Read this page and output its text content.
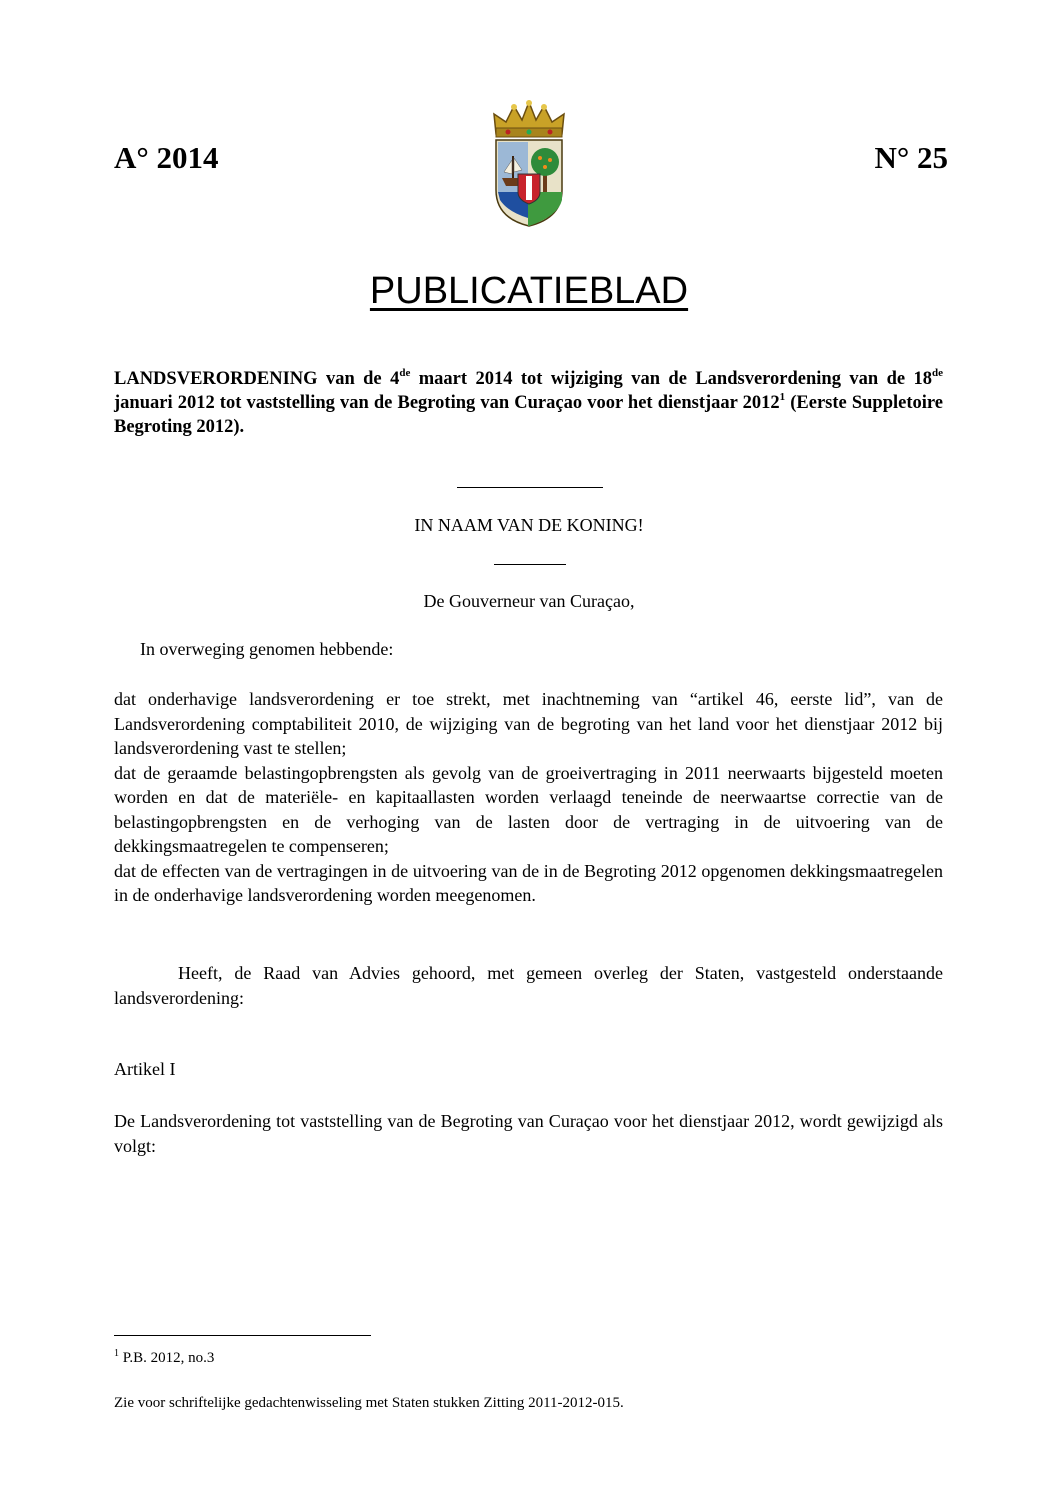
A° 2014	N° 25
PUBLICATIEBLAD
LANDSVERORDENING van de 4de maart 2014 tot wijziging van de Landsverordening van de 18de januari 2012 tot vaststelling van de Begroting van Curaçao voor het dienstjaar 2012$^1$ (Eerste Suppletoire Begroting 2012).
IN NAAM VAN DE KONING!
De Gouverneur van Curaçao,
In overweging genomen hebbende:

dat onderhavige landsverordening er toe strekt, met inachtneming van “artikel 46, eerste lid”, van de Landsverordening comptabiliteit 2010, de wijziging van de begroting van het land voor het dienstjaar 2012 bij landsverordening vast te stellen;

dat de geraamde belastingopbrengsten als gevolg van de groeivertraging in 2011 neerwaarts bijgesteld moeten worden en dat de materiële- en kapitaallasten worden verlaagd teneinde de neerwaartse correctie van de belastingopbrengsten en de verhoging van de lasten door de vertraging in de uitvoering van de dekkingsmaatregelen te compenseren;

dat de effecten van de vertragingen in de uitvoering van de in de Begroting 2012 opgenomen dekkingsmaatregelen in de onderhavige landsverordening worden meegenomen.

Heeft, de Raad van Advies gehoord, met gemeen overleg der Staten, vastgesteld onderstaande landsverordening:

Artikel I

De Landsverordening tot vaststelling van de Begroting van Curaçao voor het dienstjaar 2012, wordt gewijzigd als volgt:

$^1$ P.B. 2012, no.3
Zie voor schriftelijke gedachtenwisseling met Staten stukken Zitting 2011-2012-015.
